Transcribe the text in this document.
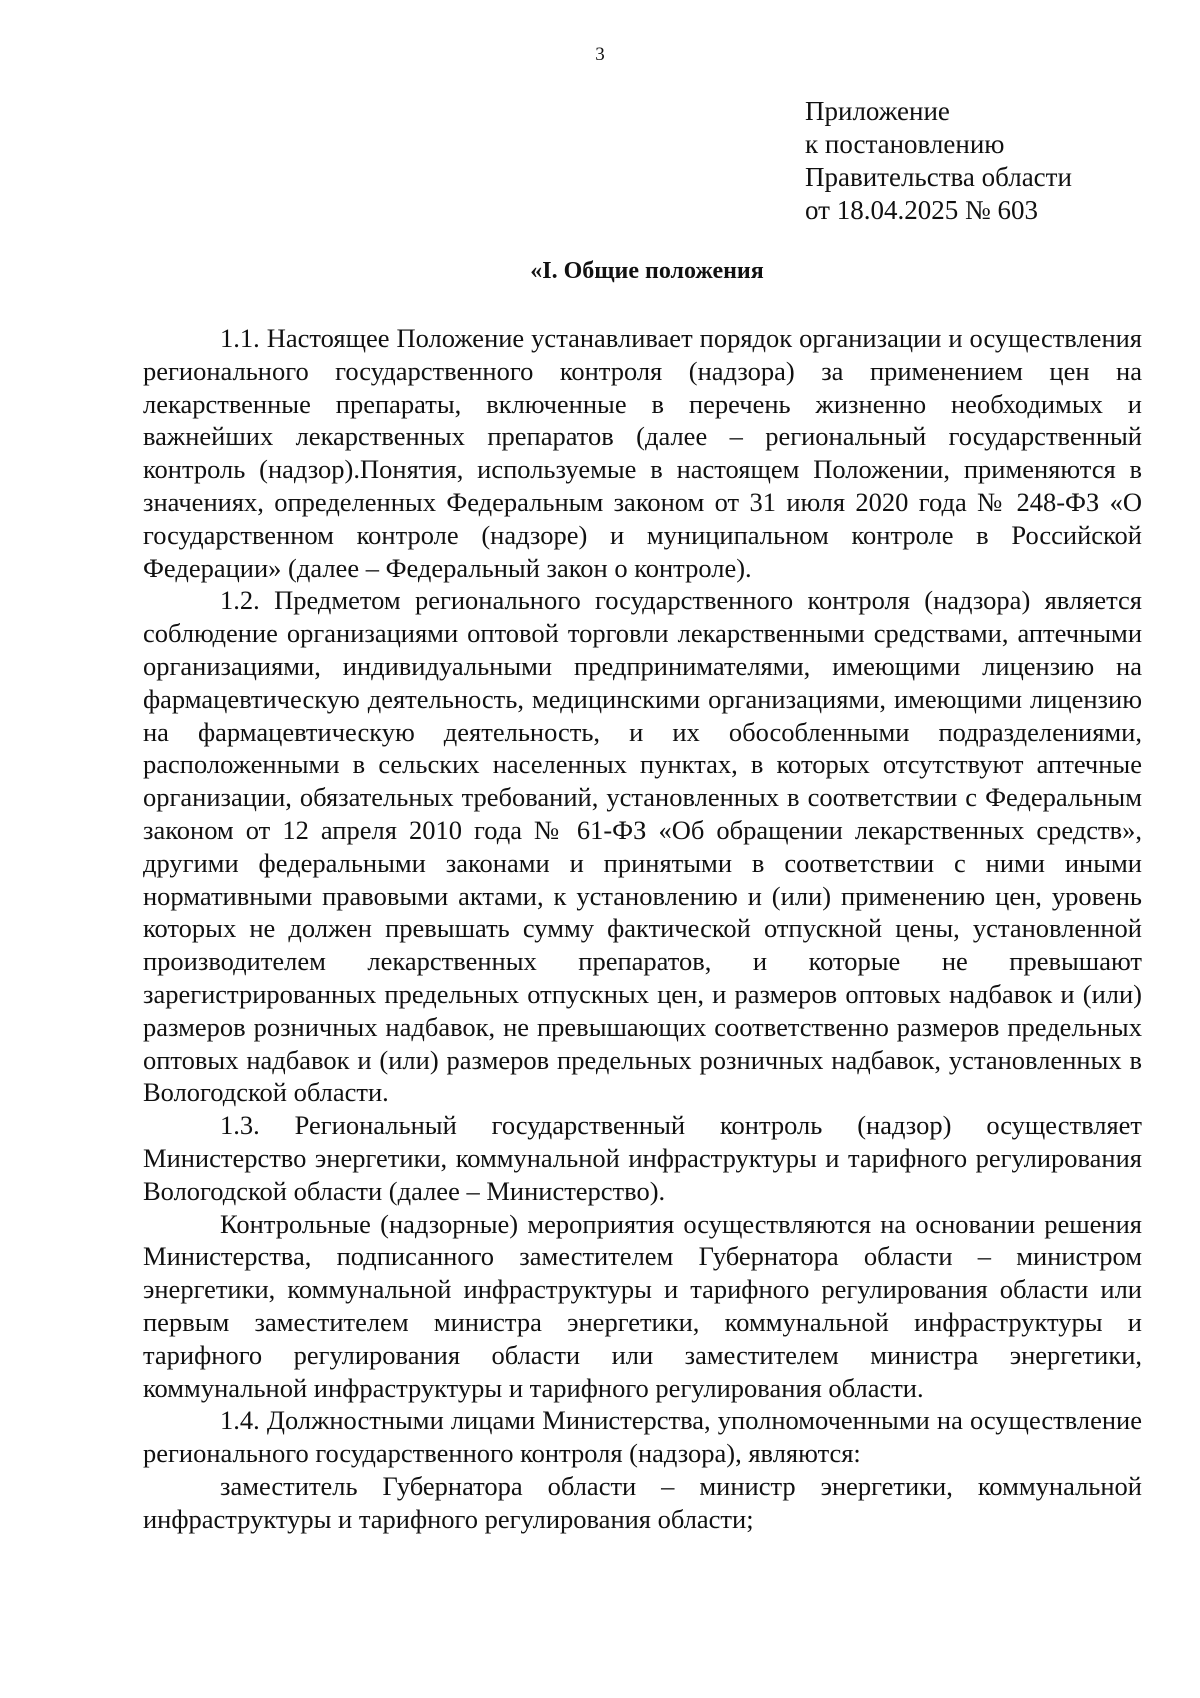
3
Приложение
к постановлению
Правительства области
от 18.04.2025 № 603
«I. Общие положения

1.1. Настоящее Положение устанавливает порядок организации и осуществления регионального государственного контроля (надзора) за применением цен на лекарственные препараты, включенные в перечень жизненно необходимых и важнейших лекарственных препаратов (далее – региональный государственный контроль (надзор).Понятия, используемые в настоящем Положении, применяются в значениях, определенных Федеральным законом от 31 июля 2020 года № 248-ФЗ «О государственном контроле (надзоре) и муниципальном контроле в Российской Федерации» (далее – Федеральный закон о контроле).

1.2. Предметом регионального государственного контроля (надзора) является соблюдение организациями оптовой торговли лекарственными средствами, аптечными организациями, индивидуальными предпринимателями, имеющими лицензию на фармацевтическую деятельность, медицинскими организациями, имеющими лицензию на фармацевтическую деятельность, и их обособленными подразделениями, расположенными в сельских населенных пунктах, в которых отсутствуют аптечные организации, обязательных требований, установленных в соответствии с Федеральным законом от 12 апреля 2010 года № 61-ФЗ «Об обращении лекарственных средств», другими федеральными законами и принятыми в соответствии с ними иными нормативными правовыми актами, к установлению и (или) применению цен, уровень которых не должен превышать сумму фактической отпускной цены, установленной производителем лекарственных препаратов, и которые не превышают зарегистрированных предельных отпускных цен, и размеров оптовых надбавок и (или) размеров розничных надбавок, не превышающих соответственно размеров предельных оптовых надбавок и (или) размеров предельных розничных надбавок, установленных в Вологодской области.

1.3. Региональный государственный контроль (надзор) осуществляет Министерство энергетики, коммунальной инфраструктуры и тарифного регулирования Вологодской области (далее – Министерство).

Контрольные (надзорные) мероприятия осуществляются на основании решения Министерства, подписанного заместителем Губернатора области – министром энергетики, коммунальной инфраструктуры и тарифного регулирования области или первым заместителем министра энергетики, коммунальной инфраструктуры и тарифного регулирования области или заместителем министра энергетики, коммунальной инфраструктуры и тарифного регулирования области.

1.4. Должностными лицами Министерства, уполномоченными на осуществление регионального государственного контроля (надзора), являются:

заместитель Губернатора области – министр энергетики, коммунальной инфраструктуры и тарифного регулирования области;
